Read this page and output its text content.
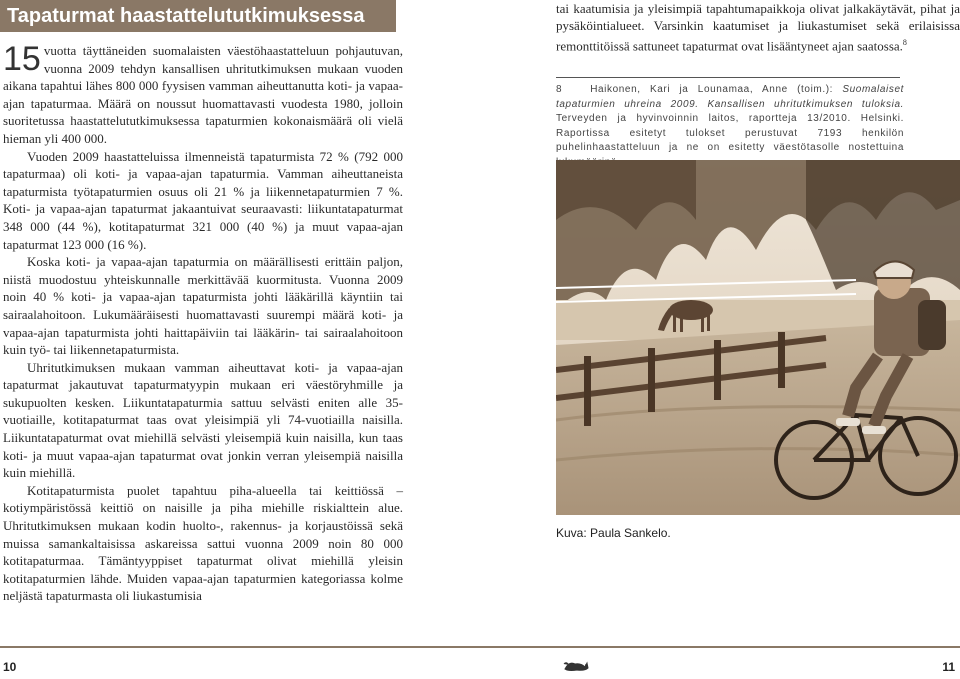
Tapaturmat haastattelututkimuksessa

15 vuotta täyttäneiden suomalaisten väestöhaastatteluun pohjautuvan, vuonna 2009 tehdyn kansallisen uhritutkimuksen mukaan vuoden aikana tapahtui lähes 800 000 fyysisen vamman aiheuttanutta koti- ja vapaa-ajan tapaturmaa. Määrä on noussut huomattavasti vuodesta 1980, jolloin suoritetussa haastattelututkimuksessa tapaturmien kokonaismäärä oli vielä hieman yli 400 000.

Vuoden 2009 haastatteluissa ilmenneistä tapaturmista 72 % (792 000 tapaturmaa) oli koti- ja vapaa-ajan tapaturmia. Vamman aiheuttaneista tapaturmista työtapaturmien osuus oli 21 % ja liikennetapaturmien 7 %. Koti- ja vapaa-ajan tapaturmat jakaantuivat seuraavasti: liikuntatapaturmat 348 000 (44 %), kotitapaturmat 321 000 (40 %) ja muut vapaa-ajan tapaturmat 123 000 (16 %).

Koska koti- ja vapaa-ajan tapaturmia on määrällisesti erittäin paljon, niistä muodostuu yhteiskunnalle merkittävää kuormitusta. Vuonna 2009 noin 40 % koti- ja vapaa-ajan tapaturmista johti lääkärillä käyntiin tai sairaalahoitoon. Lukumääräisesti huomattavasti suurempi määrä koti- ja vapaa-ajan tapaturmista johti haittapäiviin tai lääkärin- tai sairaalahoitoon kuin työ- tai liikennetapaturmista.

Uhritutkimuksen mukaan vamman aiheuttavat koti- ja vapaa-ajan tapaturmat jakautuvat tapaturmatyypin mukaan eri väestöryhmille ja sukupuolten kesken. Liikuntatapaturmia sattuu selvästi eniten alle 35-vuotiaille, kotitapaturmat taas ovat yleisimpiä yli 74-vuotiailla naisilla. Liikuntatapaturmat ovat miehillä selvästi yleisempiä kuin naisilla, kun taas koti- ja muut vapaa-ajan tapaturmat ovat jonkin verran yleisempiä naisilla kuin miehillä.

Kotitapaturmista puolet tapahtuu piha-alueella tai keittiössä – kotiympäristössä keittiö on naisille ja piha miehille riskialttein alue. Uhritutkimuksen mukaan kodin huolto-, rakennus- ja korjaustöissä sekä muissa samankaltaisissa askareissa sattui vuonna 2009 noin 80 000 kotitapaturmaa. Tämäntyyppiset tapaturmat olivat miehillä yleisin kotitapaturmien lähde. Muiden vapaa-ajan tapaturmien kategoriassa kolme neljästä tapaturmasta oli liukastumisia

tai kaatumisia ja yleisimpiä tapahtumapaikkoja olivat jalkakäytävät, pihat ja pysäköintialueet. Varsinkin kaatumiset ja liukastumiset sekä erilaisissa remonttitöissä sattuneet tapaturmat ovat lisääntyneet ajan saatossa.$^8$

8	Haikonen, Kari ja Lounamaa, Anne (toim.): Suomalaiset tapaturmien uhreina 2009. Kansallisen uhritutkimuksen tuloksia. Terveyden ja hyvinvoinnin laitos, raportteja 13/2010. Helsinki. Raportissa esitetyt tulokset perustuvat 7193 henkilön puhelinhaastatteluun ja ne on esitetty väestötasolle nostettuina
Kuva: Paula Sankelo.
10	11
